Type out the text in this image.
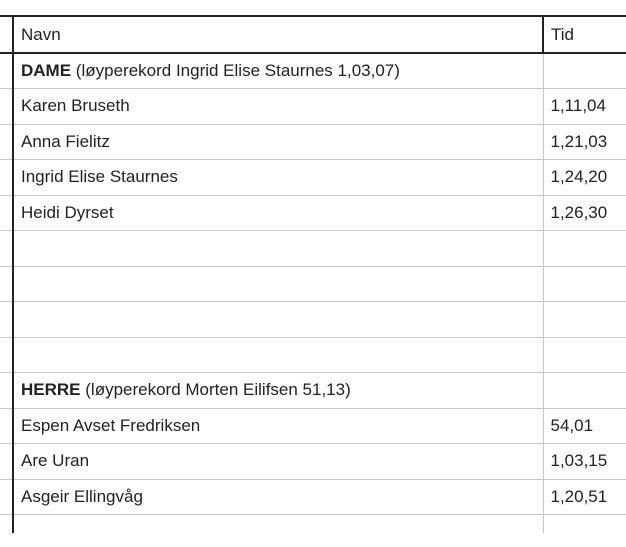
	Navn	Tid
	DAME (løyperekord Ingrid Elise Staurnes 1,03,07)	
	Karen Bruseth	1,11,04
	Anna Fielitz	1,21,03
	Ingrid Elise Staurnes	1,24,20
	Heidi Dyrset	1,26,30

	HERRE (løyperekord Morten Eilifsen 51,13)	
	Espen Avset Fredriksen	54,01
	Are Uran	1,03,15
	Asgeir Ellingvåg	1,20,51
